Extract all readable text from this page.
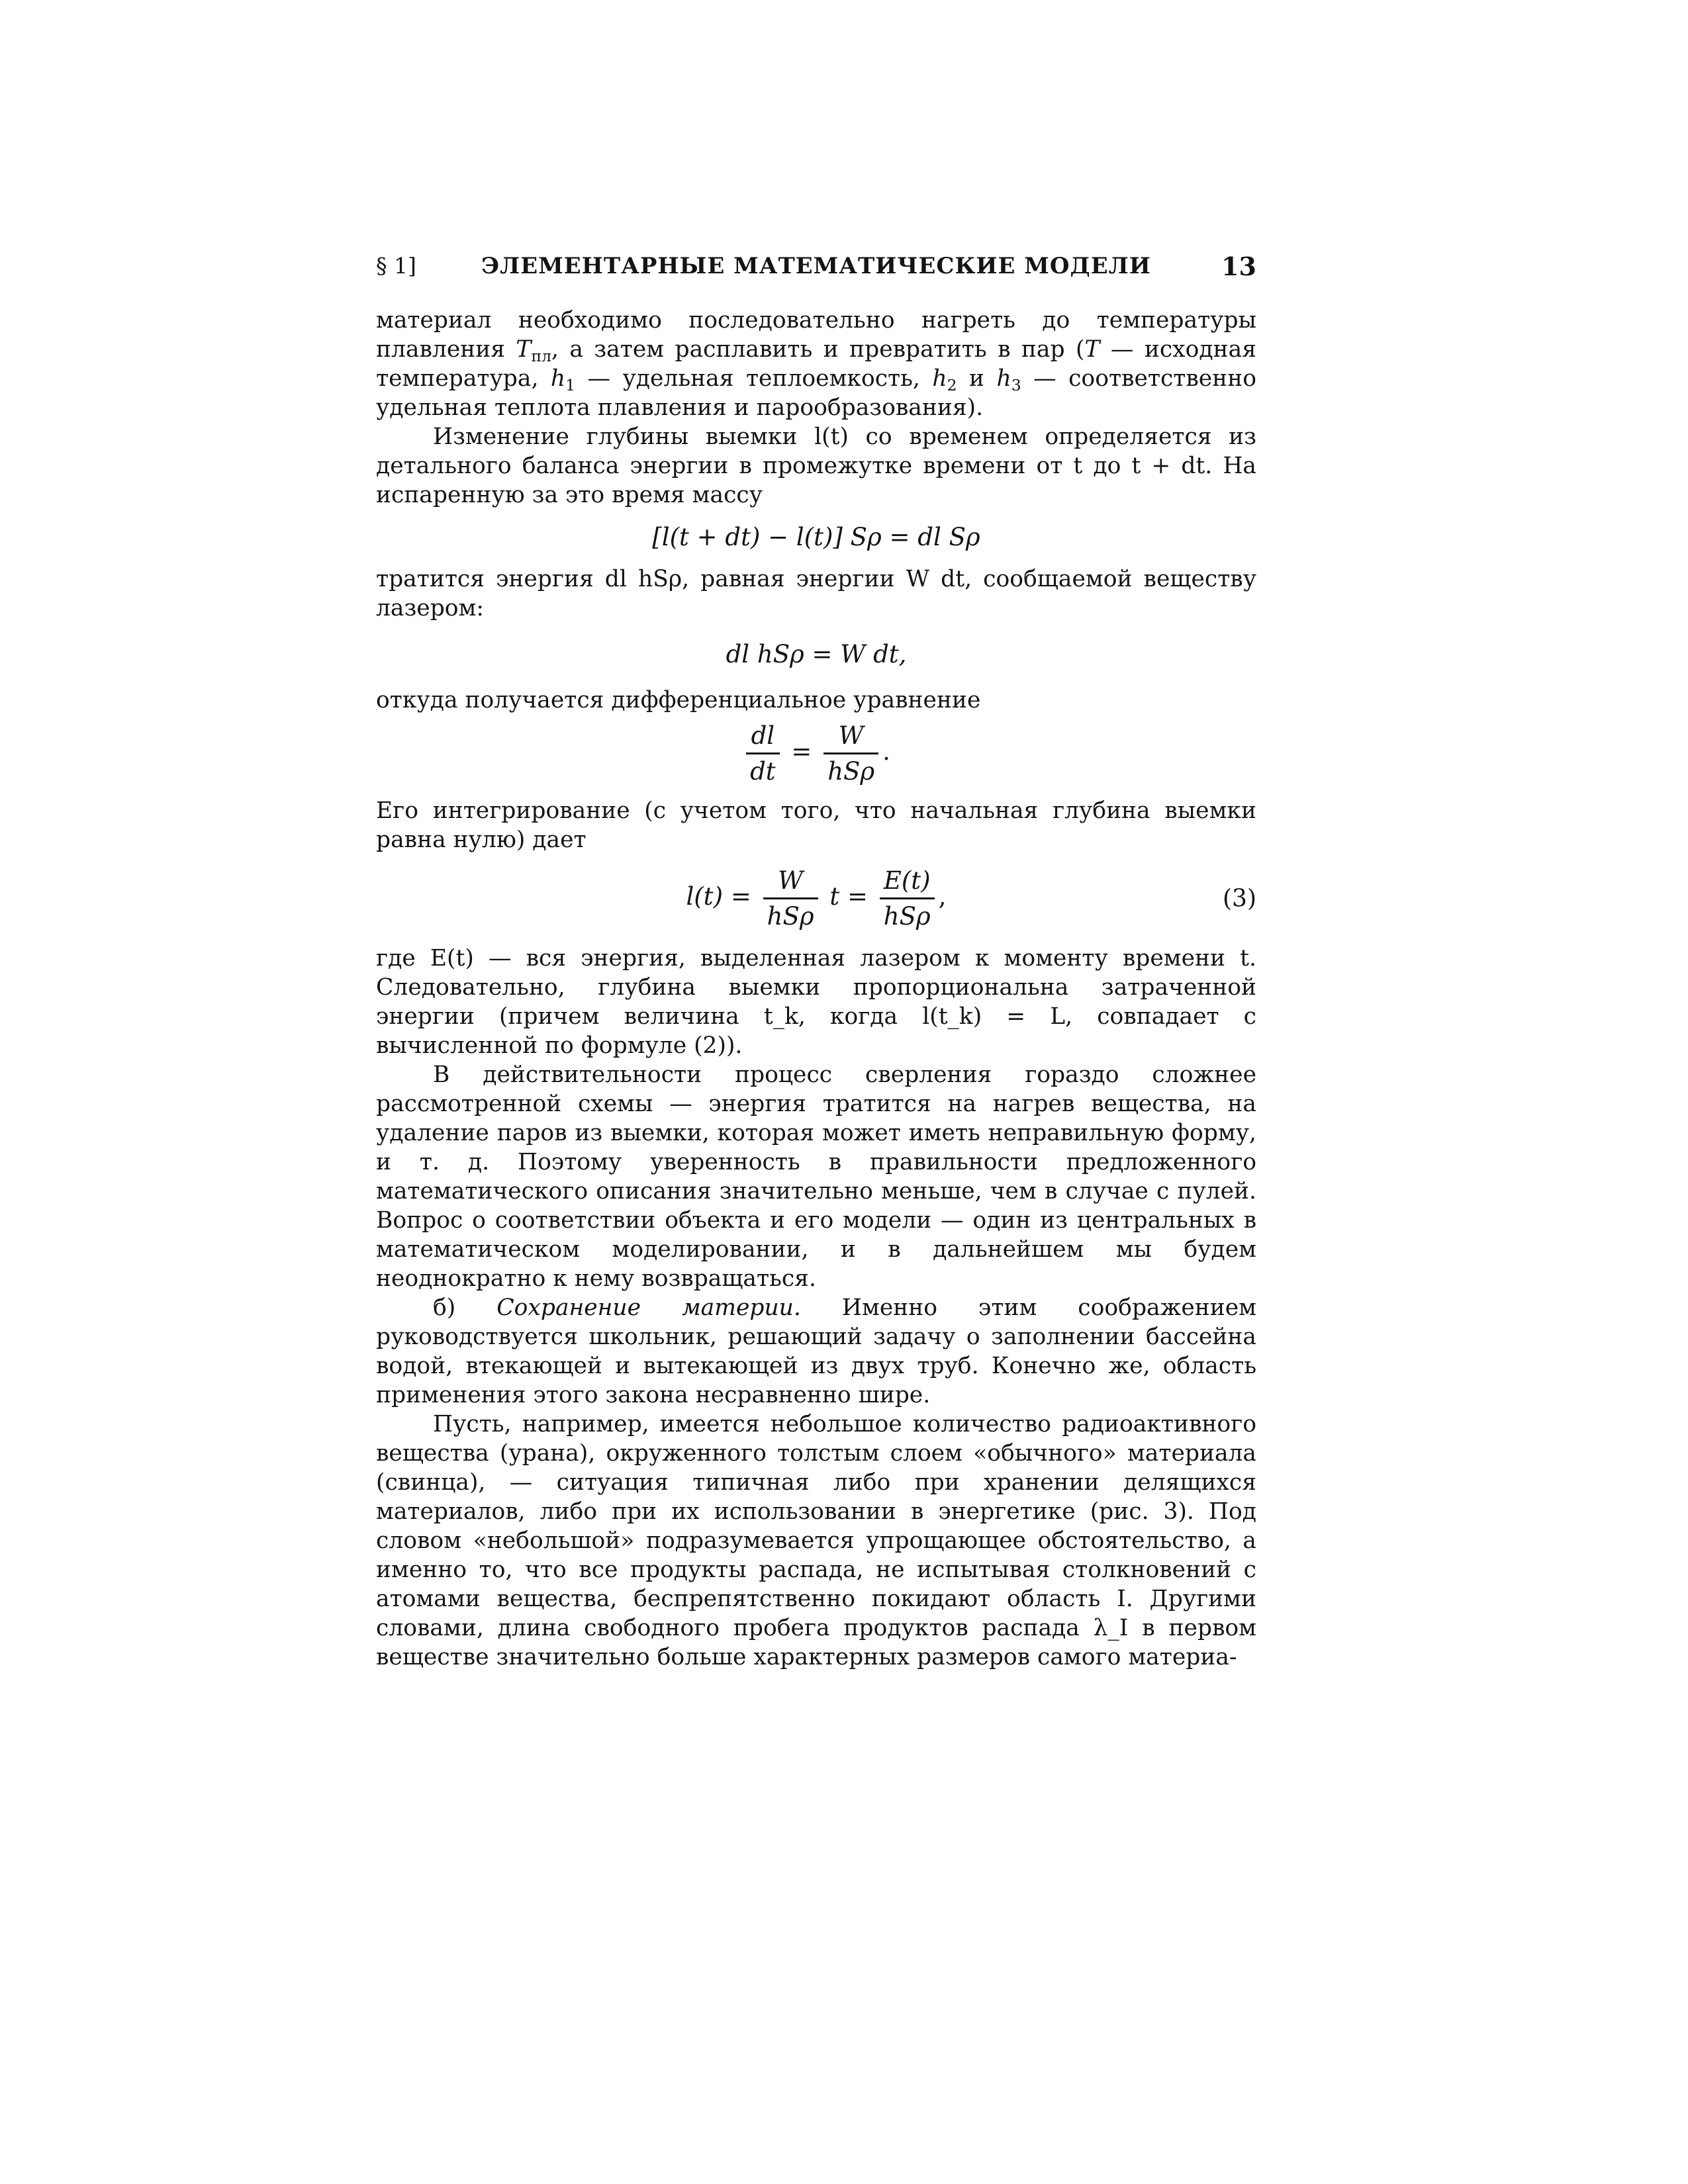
§ 1]	ЭЛЕМЕНТАРНЫЕ МАТЕМАТИЧЕСКИЕ МОДЕЛИ	13

материал необходимо последовательно нагреть до температуры плавления $T_{пл}$, а затем расплавить и превратить в пар (T — исходная температура, $h_1$ — удельная теплоемкость, $h_2$ и $h_3$ — соответственно удельная теплота плавления и парообразования).

Изменение глубины выемки l(t) со временем определяется из детального баланса энергии в промежутке времени от t до t + dt. На испаренную за это время массу

[l(t + dt) − l(t)] Sρ = dl Sρ

тратится энергия dl hSρ, равная энергии W dt, сообщаемой веществу лазером:

dl hSρ = W dt,

откуда получается дифференциальное уравнение

$\frac{dl}{dt} = \frac{W}{\text{hSρ}}$ .

Его интегрирование (с учетом того, что начальная глубина выемки равна нулю) дает

$l(t) = \frac{W}{\text{hSρ}}$ $t = \frac{E(t)}{\text{hSρ}}$ ,	(3)

где E(t) — вся энергия, выделенная лазером к моменту времени t. Следовательно, глубина выемки пропорциональна затраченной энергии (причем величина t_k, когда l(t_k) = L, совпадает с вычисленной по формуле (2)).

В действительности процесс сверления гораздо сложнее рассмотренной схемы — энергия тратится на нагрев вещества, на удаление паров из выемки, которая может иметь неправильную форму, и т. д. Поэтому уверенность в правильности предложенного математического описания значительно меньше, чем в случае с пулей. Вопрос о соответствии объекта и его модели — один из центральных в математическом моделировании, и в дальнейшем мы будем неоднократно к нему возвращаться.

б) Сохранение материи. Именно этим соображением руководствуется школьник, решающий задачу о заполнении бассейна водой, втекающей и вытекающей из двух труб. Конечно же, область применения этого закона несравненно шире.

Пусть, например, имеется небольшое количество радиоактивного вещества (урана), окруженного толстым слоем «обычного» материала (свинца), — ситуация типичная либо при хранении делящихся материалов, либо при их использовании в энергетике (рис. 3). Под словом «небольшой» подразумевается упрощающее обстоятельство, а именно то, что все продукты распада, не испытывая столкновений с атомами вещества, беспрепятственно покидают область I. Другими словами, длина свободного пробега продуктов распада λ_I в первом веществе значительно больше характерных размеров самого материа-
